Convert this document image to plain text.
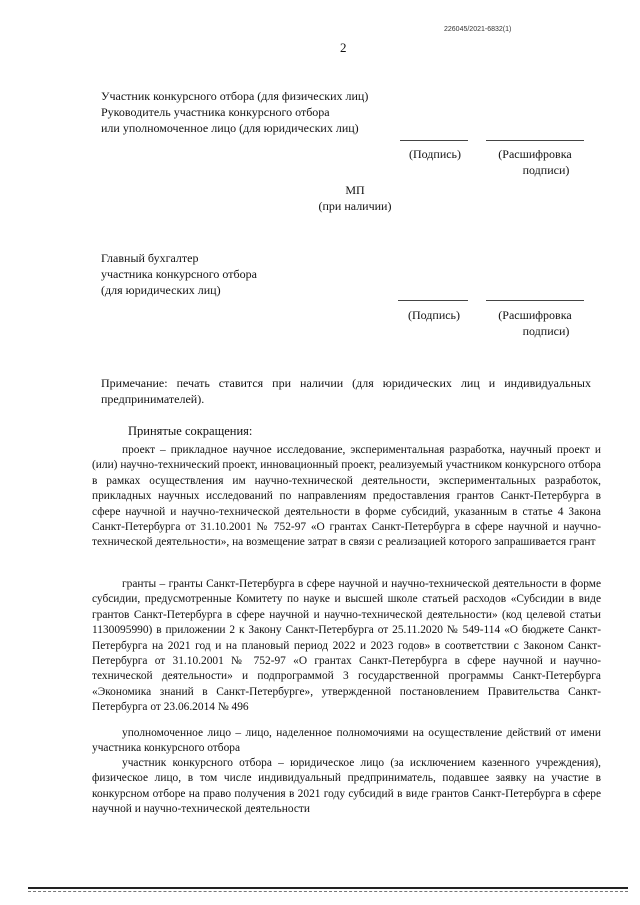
226045/2021-6832(1)
2
Участник конкурсного отбора (для физических лиц)
Руководитель участника конкурсного отбора
или уполномоченное лицо (для юридических лиц)
(Подпись)	(Расшифровка
подписи)
МП
(при наличии)
Главный бухгалтер
участника конкурсного отбора
(для юридических лиц)
(Подпись)	(Расшифровка
подписи)
Примечание: печать ставится при наличии (для юридических лиц и индивидуальных предпринимателей).
Принятые сокращения:
проект – прикладное научное исследование, экспериментальная разработка, научный проект и (или) научно-технический проект, инновационный проект, реализуемый участником конкурсного отбора в рамках осуществления им научно-технической деятельности, экспериментальных разработок, прикладных научных исследований по направлениям предоставления грантов Санкт-Петербурга в сфере научной и научно-технической деятельности в форме субсидий, указанным в статье 4 Закона Санкт-Петербурга от 31.10.2001 № 752-97 «О грантах Санкт-Петербурга в сфере научной и научно-технической деятельности», на возмещение затрат в связи с реализацией которого запрашивается грант
гранты – гранты Санкт-Петербурга в сфере научной и научно-технической деятельности в форме субсидии, предусмотренные Комитету по науке и высшей школе статьей расходов «Субсидии в виде грантов Санкт-Петербурга в сфере научной и научно-технической деятельности» (код целевой статьи 1130095990) в приложении 2 к Закону Санкт-Петербурга от 25.11.2020 № 549-114 «О бюджете Санкт-Петербурга на 2021 год и на плановый период 2022 и 2023 годов» в соответствии с Законом Санкт-Петербурга от 31.10.2001 № 752-97 «О грантах Санкт-Петербурга в сфере научной и научно-технической деятельности» и подпрограммой 3 государственной программы Санкт-Петербурга «Экономика знаний в Санкт-Петербурге», утвержденной постановлением Правительства Санкт-Петербурга от 23.06.2014 № 496
уполномоченное лицо – лицо, наделенное полномочиями на осуществление действий от имени участника конкурсного отбора
участник конкурсного отбора – юридическое лицо (за исключением казенного учреждения), физическое лицо, в том числе индивидуальный предприниматель, подавшее заявку на участие в конкурсном отборе на право получения в 2021 году субсидий в виде грантов Санкт-Петербурга в сфере научной и научно-технической деятельности
